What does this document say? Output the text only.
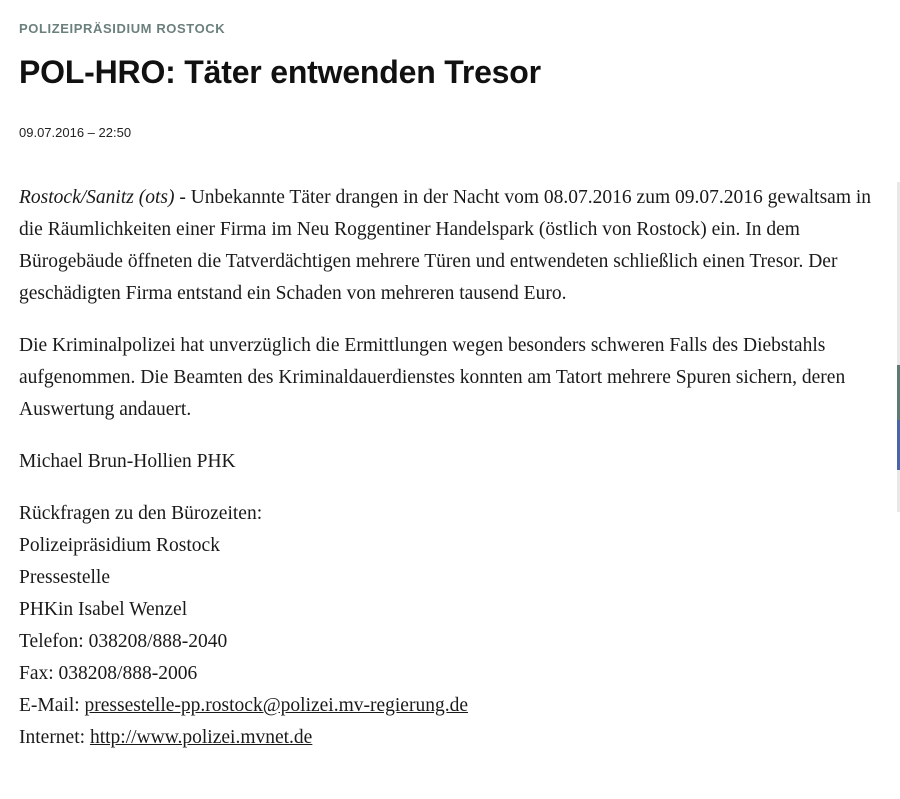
POLIZEIPRÄSIDIUM ROSTOCK
POL-HRO: Täter entwenden Tresor
09.07.2016 – 22:50

Rostock/Sanitz (ots) - Unbekannte Täter drangen in der Nacht vom 08.07.2016 zum 09.07.2016 gewaltsam in die Räumlichkeiten einer Firma im Neu Roggentiner Handelspark (östlich von Rostock) ein. In dem Bürogebäude öffneten die Tatverdächtigen mehrere Türen und entwendeten schließlich einen Tresor. Der geschädigten Firma entstand ein Schaden von mehreren tausend Euro.

Die Kriminalpolizei hat unverzüglich die Ermittlungen wegen besonders schweren Falls des Diebstahls aufgenommen. Die Beamten des Kriminaldauerdienstes konnten am Tatort mehrere Spuren sichern, deren Auswertung andauert.

Michael Brun-Hollien PHK

Rückfragen zu den Bürozeiten:

Polizeipräsidium Rostock

Pressestelle

PHKin Isabel Wenzel

Telefon: 038208/888-2040

Fax: 038208/888-2006

E-Mail: pressestelle-pp.rostock@polizei.mv-regierung.de

Internet: http://www.polizei.mvnet.de
